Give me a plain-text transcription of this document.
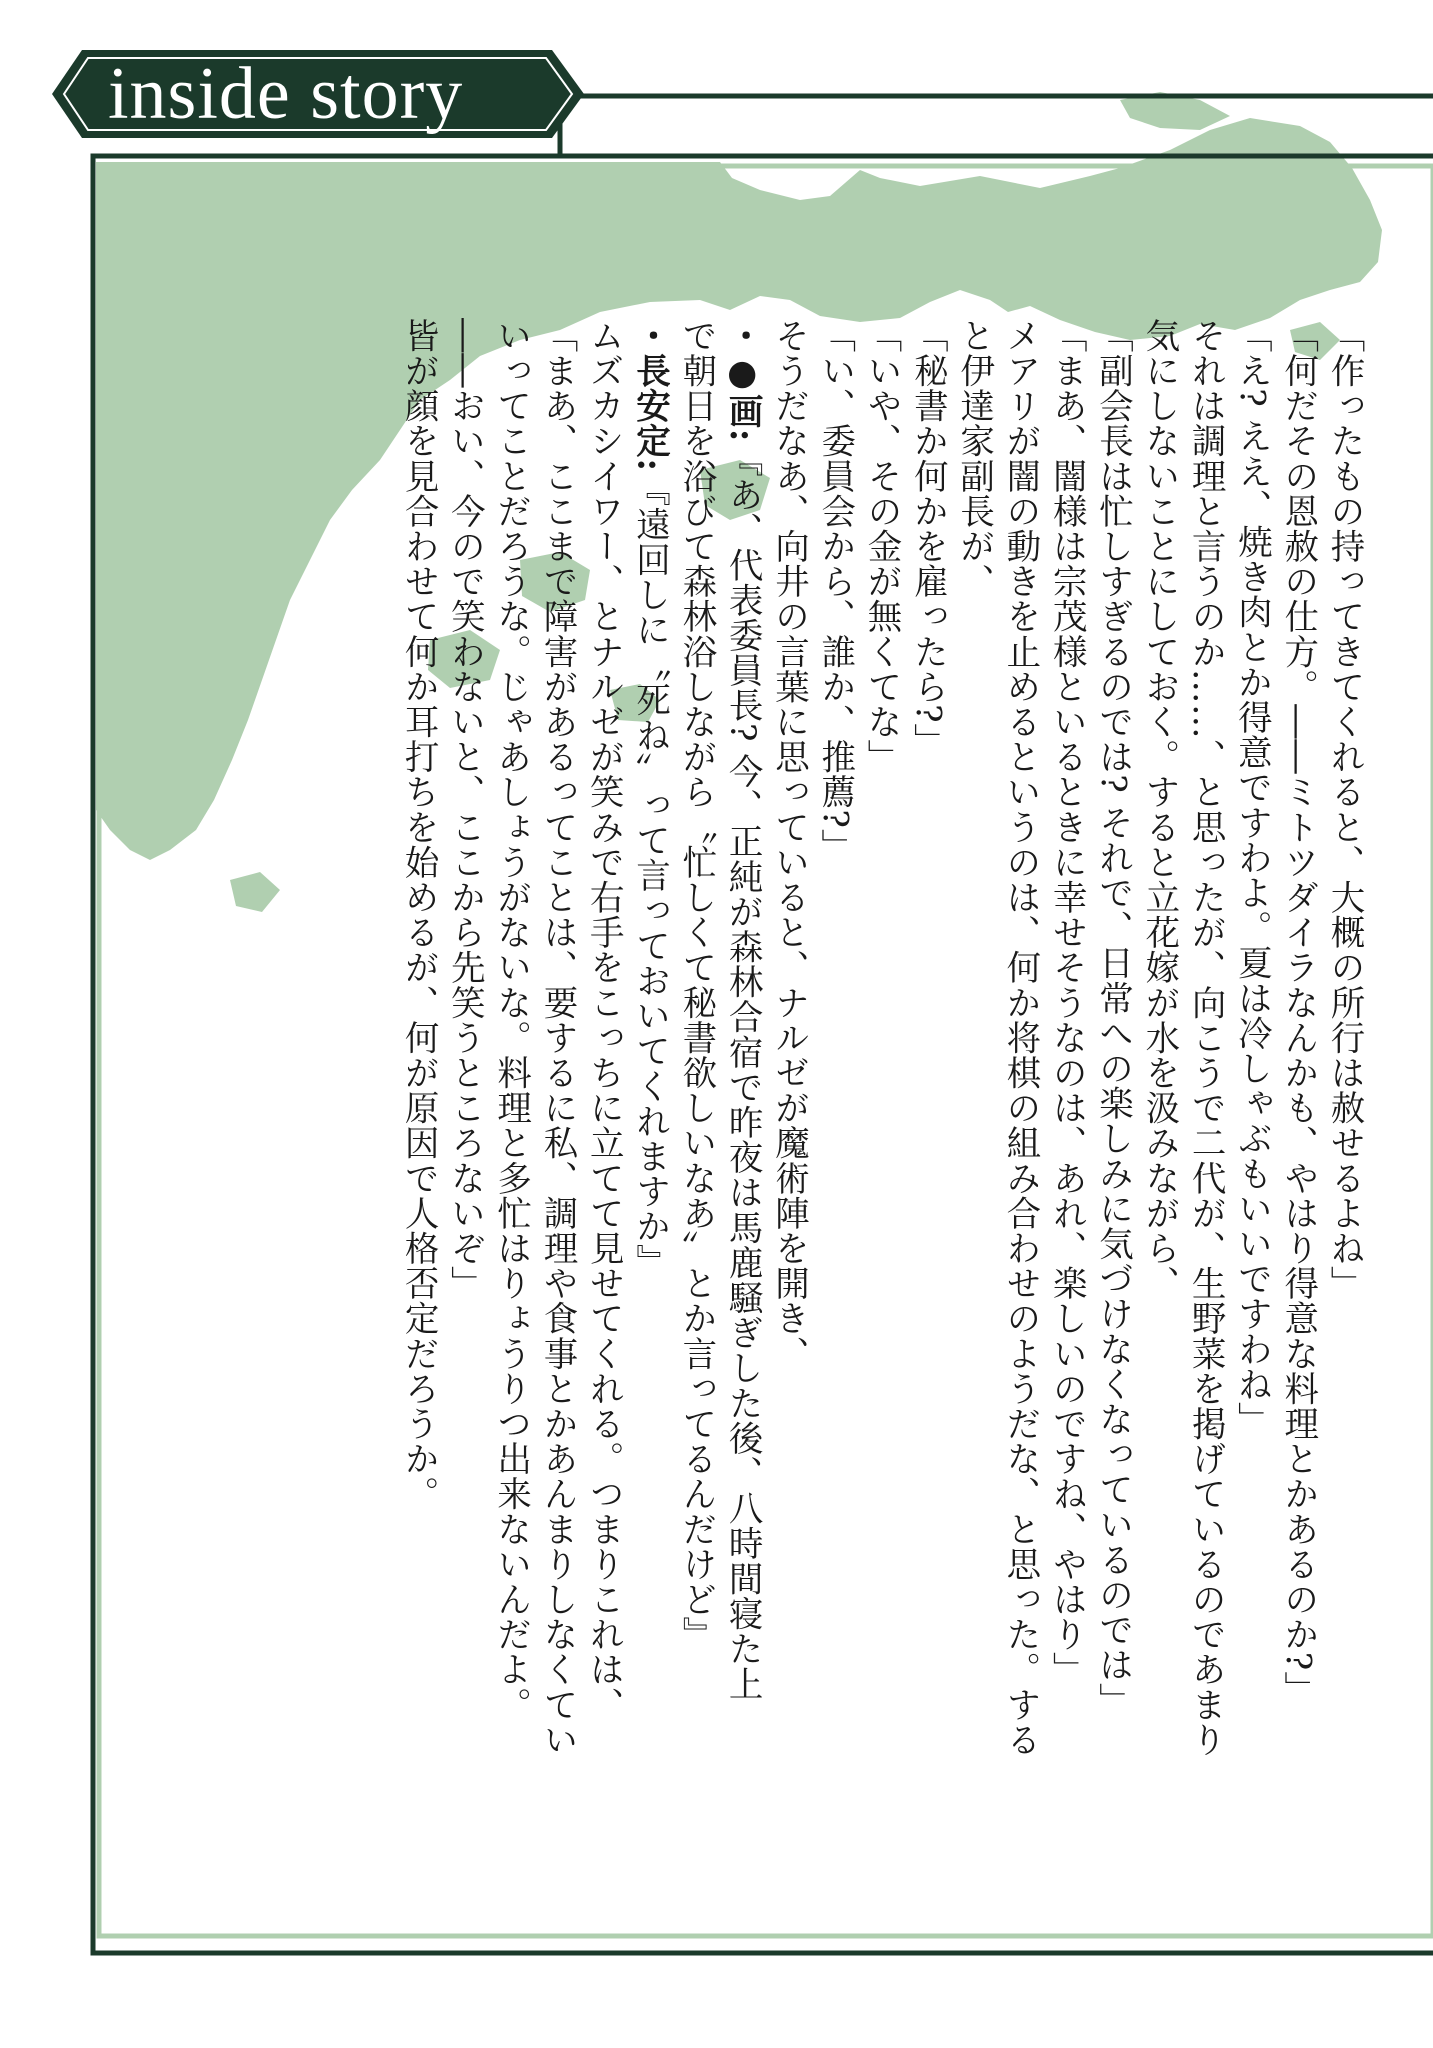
inside story
「作ったもの持ってきてくれると、大概の所行は赦せるよね」
「何だその恩赦の仕方。――ミトツダイラなんかも、やはり得意な料理とかあるのか?」
「え? ええ、焼き肉とか得意ですわよ。夏は冷しゃぶもいいですわね」
それは調理と言うのか……、と思ったが、向こうで二代が、生野菜を掲げているのであまり
気にしないことにしておく。すると立花嫁が水を汲みながら、
「副会長は忙しすぎるのでは? それで、日常への楽しみに気づけなくなっているのでは」
「まあ、闇様は宗茂様といるときに幸せそうなのは、あれ、楽しいのですね、やはり」
メアリが闇の動きを止めるというのは、何か将棋の組み合わせのようだな、と思った。する
と伊達家副長が、
「秘書か何かを雇ったら?」
「いや、その金が無くてな」
「い、委員会から、誰か、推薦?」
そうだなあ、向井の言葉に思っていると、ナルゼが魔術陣を開き、
・●画:『あ、代表委員長? 今、正純が森林合宿で昨夜は馬鹿騒ぎした後、八時間寝た上
で朝日を浴びて森林浴しながら〝忙しくて秘書欲しいなあ〟とか言ってるんだけど』
・長安定:『遠回しに〝死ね〟って言っておいてくれますか』
ムズカシイワー、とナルゼが笑みで右手をこっちに立てて見せてくれる。つまりこれは、
「まあ、ここまで障害があるってことは、要するに私、調理や食事とかあんまりしなくてい
いってことだろうな。じゃあしょうがないな。料理と多忙はりょうりつ出来ないんだよ。
――おい、今ので笑わないと、ここから先笑うところないぞ」
皆が顔を見合わせて何か耳打ちを始めるが、何が原因で人格否定だろうか。
